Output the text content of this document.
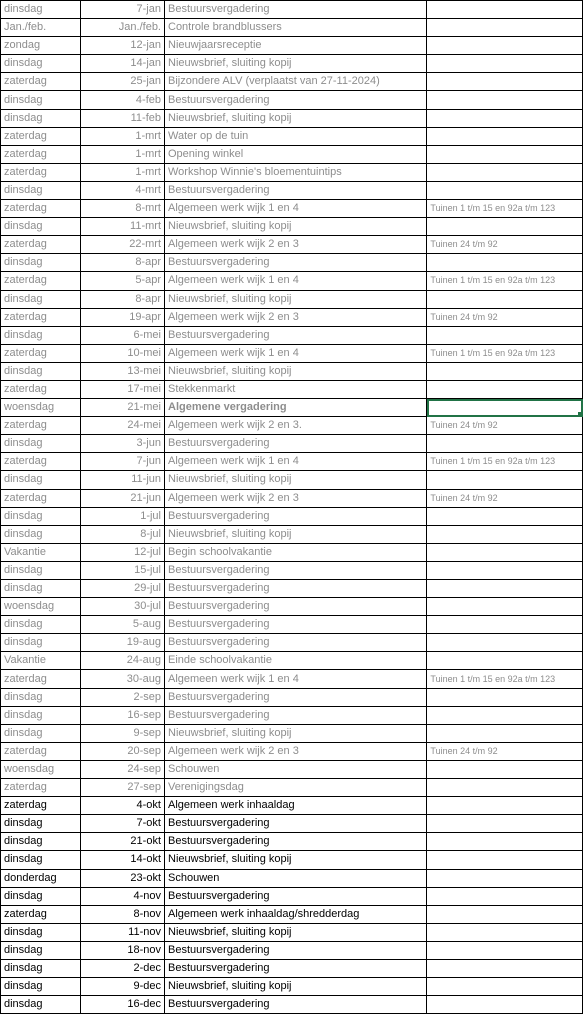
dinsdag	7-jan	Bestuursvergadering	
Jan./feb.	Jan./feb.	Controle brandblussers	
zondag	12-jan	Nieuwjaarsreceptie	
dinsdag	14-jan	Nieuwsbrief, sluiting kopij	
zaterdag	25-jan	Bijzondere ALV (verplaatst van 27-11-2024)	
dinsdag	4-feb	Bestuursvergadering	
dinsdag	11-feb	Nieuwsbrief, sluiting kopij	
zaterdag	1-mrt	Water op de tuin	
zaterdag	1-mrt	Opening winkel	
zaterdag	1-mrt	Workshop Winnie's bloementuintips	
dinsdag	4-mrt	Bestuursvergadering	
zaterdag	8-mrt	Algemeen werk wijk 1 en 4	Tuinen 1 t/m 15 en 92a t/m 123
dinsdag	11-mrt	Nieuwsbrief, sluiting kopij	
zaterdag	22-mrt	Algemeen werk wijk 2 en 3	Tuinen 24 t/m 92
dinsdag	8-apr	Bestuursvergadering	
zaterdag	5-apr	Algemeen werk wijk 1 en 4	Tuinen 1 t/m 15 en 92a t/m 123
dinsdag	8-apr	Nieuwsbrief, sluiting kopij	
zaterdag	19-apr	Algemeen werk wijk 2 en 3	Tuinen 24 t/m 92
dinsdag	6-mei	Bestuursvergadering	
zaterdag	10-mei	Algemeen werk wijk 1 en 4	Tuinen 1 t/m 15 en 92a t/m 123
dinsdag	13-mei	Nieuwsbrief, sluiting kopij	
zaterdag	17-mei	Stekkenmarkt	
woensdag	21-mei	Algemene vergadering	
zaterdag	24-mei	Algemeen werk wijk 2 en 3.	Tuinen 24 t/m 92
dinsdag	3-jun	Bestuursvergadering	
zaterdag	7-jun	Algemeen werk wijk 1 en 4	Tuinen 1 t/m 15 en 92a t/m 123
dinsdag	11-jun	Nieuwsbrief, sluiting kopij	
zaterdag	21-jun	Algemeen werk wijk 2 en 3	Tuinen 24 t/m 92
dinsdag	1-jul	Bestuursvergadering	
dinsdag	8-jul	Nieuwsbrief, sluiting kopij	
Vakantie	12-jul	Begin schoolvakantie	
dinsdag	15-jul	Bestuursvergadering	
dinsdag	29-jul	Bestuursvergadering	
woensdag	30-jul	Bestuursvergadering	
dinsdag	5-aug	Bestuursvergadering	
dinsdag	19-aug	Bestuursvergadering	
Vakantie	24-aug	Einde schoolvakantie	
zaterdag	30-aug	Algemeen werk wijk 1 en 4	Tuinen 1 t/m 15 en 92a t/m 123
dinsdag	2-sep	Bestuursvergadering	
dinsdag	16-sep	Bestuursvergadering	
dinsdag	9-sep	Nieuwsbrief, sluiting kopij	
zaterdag	20-sep	Algemeen werk wijk 2 en 3	Tuinen 24 t/m 92
woensdag	24-sep	Schouwen	
zaterdag	27-sep	Verenigingsdag	
zaterdag	4-okt	Algemeen werk inhaaldag	
dinsdag	7-okt	Bestuursvergadering	
dinsdag	21-okt	Bestuursvergadering	
dinsdag	14-okt	Nieuwsbrief, sluiting kopij	
donderdag	23-okt	Schouwen	
dinsdag	4-nov	Bestuursvergadering	
zaterdag	8-nov	Algemeen werk inhaaldag/shredderdag	
dinsdag	11-nov	Nieuwsbrief, sluiting kopij	
dinsdag	18-nov	Bestuursvergadering	
dinsdag	2-dec	Bestuursvergadering	
dinsdag	9-dec	Nieuwsbrief, sluiting kopij	
dinsdag	16-dec	Bestuursvergadering	
